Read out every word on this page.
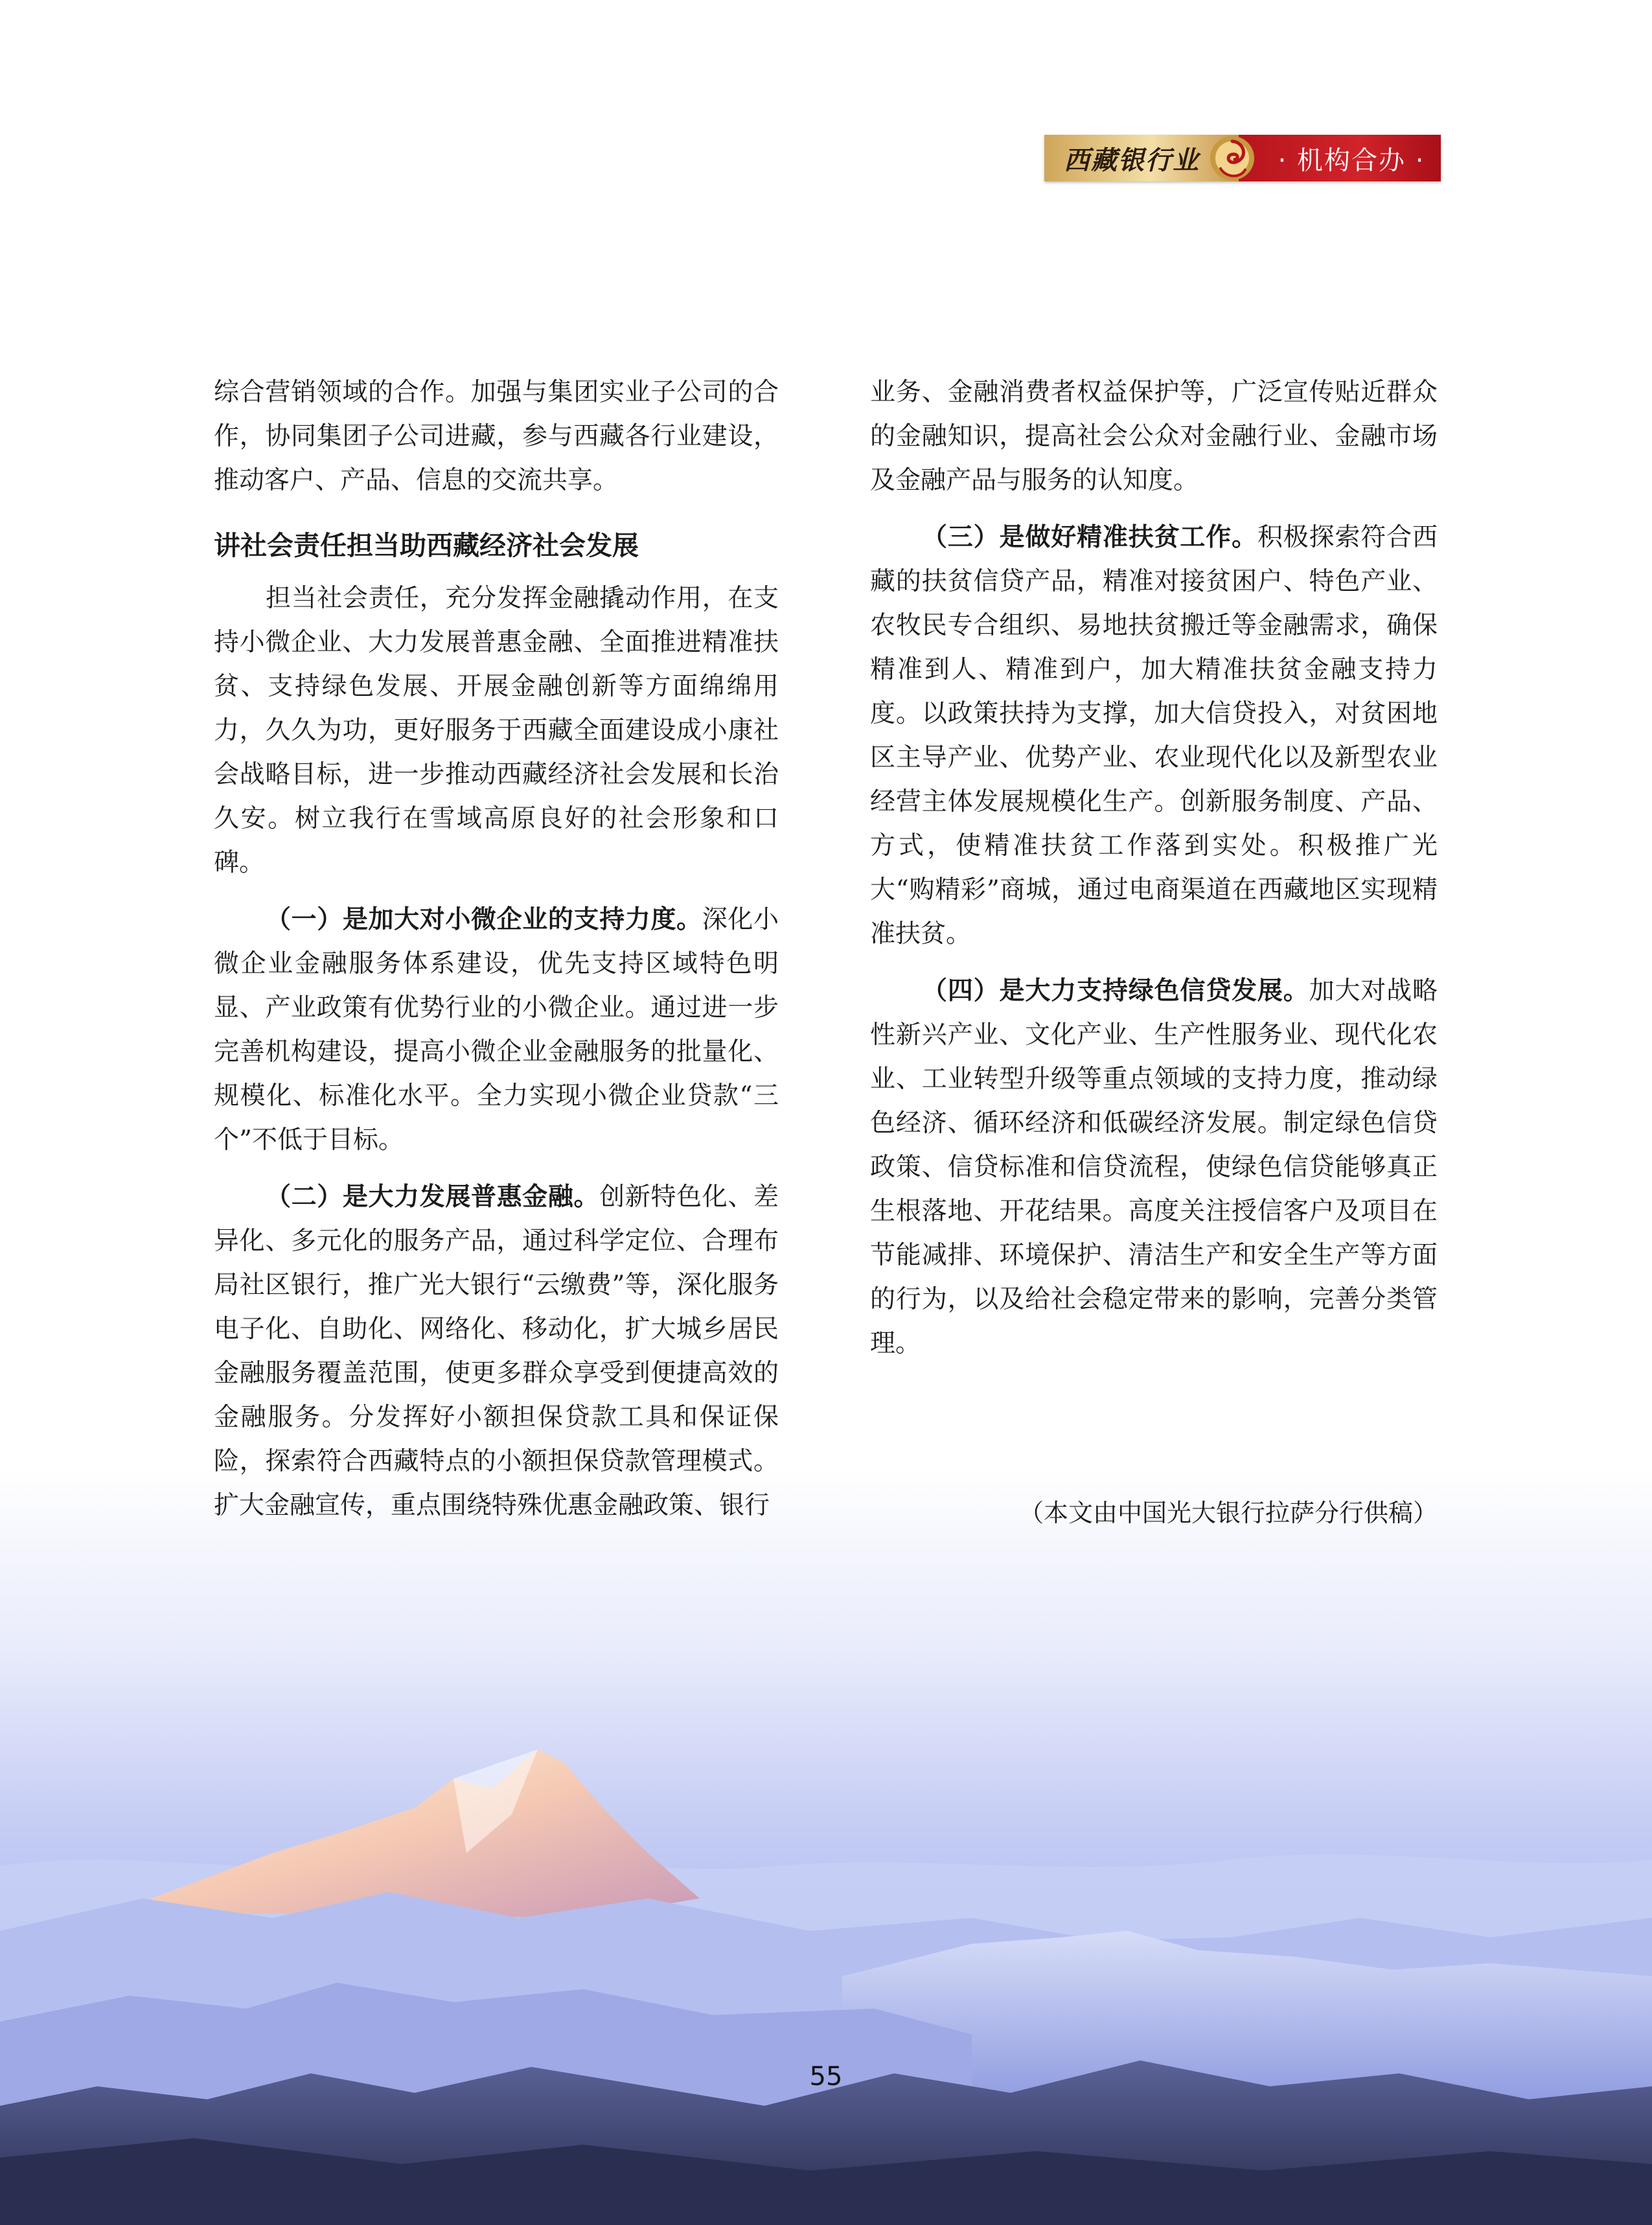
西藏银行业	· 机构合办 ·

综合营销领域的合作。加强与集团实业子公司的合作，协同集团子公司进藏，参与西藏各行业建设，推动客户、产品、信息的交流共享。

讲社会责任担当助西藏经济社会发展

担当社会责任，充分发挥金融撬动作用，在支持小微企业、大力发展普惠金融、全面推进精准扶贫、支持绿色发展、开展金融创新等方面绵绵用力，久久为功，更好服务于西藏全面建设成小康社会战略目标，进一步推动西藏经济社会发展和长治久安。树立我行在雪域高原良好的社会形象和口碑。

（一）是加大对小微企业的支持力度。深化小微企业金融服务体系建设，优先支持区域特色明显、产业政策有优势行业的小微企业。通过进一步完善机构建设，提高小微企业金融服务的批量化、规模化、标准化水平。全力实现小微企业贷款“三个”不低于目标。

（二）是大力发展普惠金融。创新特色化、差异化、多元化的服务产品，通过科学定位、合理布局社区银行，推广光大银行“云缴费”等，深化服务电子化、自助化、网络化、移动化，扩大城乡居民金融服务覆盖范围，使更多群众享受到便捷高效的金融服务。分发挥好小额担保贷款工具和保证保险，探索符合西藏特点的小额担保贷款管理模式。扩大金融宣传，重点围绕特殊优惠金融政策、银行

业务、金融消费者权益保护等，广泛宣传贴近群众的金融知识，提高社会公众对金融行业、金融市场及金融产品与服务的认知度。

（三）是做好精准扶贫工作。积极探索符合西藏的扶贫信贷产品，精准对接贫困户、特色产业、农牧民专合组织、易地扶贫搬迁等金融需求，确保精准到人、精准到户，加大精准扶贫金融支持力度。以政策扶持为支撑，加大信贷投入，对贫困地区主导产业、优势产业、农业现代化以及新型农业经营主体发展规模化生产。创新服务制度、产品、方式，使精准扶贫工作落到实处。积极推广光大“购精彩”商城，通过电商渠道在西藏地区实现精准扶贫。

（四）是大力支持绿色信贷发展。加大对战略性新兴产业、文化产业、生产性服务业、现代化农业、工业转型升级等重点领域的支持力度，推动绿色经济、循环经济和低碳经济发展。制定绿色信贷政策、信贷标准和信贷流程，使绿色信贷能够真正生根落地、开花结果。高度关注授信客户及项目在节能减排、环境保护、清洁生产和安全生产等方面的行为，以及给社会稳定带来的影响，完善分类管理。

（本文由中国光大银行拉萨分行供稿）
55
